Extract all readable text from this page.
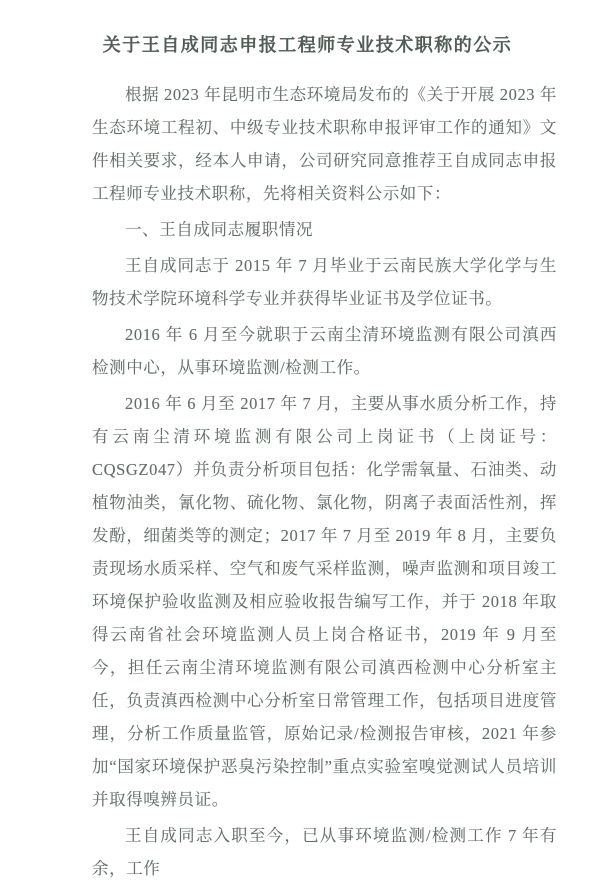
关于王自成同志申报工程师专业技术职称的公示

根据 2023 年昆明市生态环境局发布的《关于开展 2023 年生态环境工程初、中级专业技术职称申报评审工作的通知》文件相关要求，经本人申请，公司研究同意推荐王自成同志申报工程师专业技术职称，先将相关资料公示如下：

一、王自成同志履职情况

王自成同志于 2015 年 7 月毕业于云南民族大学化学与生物技术学院环境科学专业并获得毕业证书及学位证书。

2016 年 6 月至今就职于云南尘清环境监测有限公司滇西检测中心，从事环境监测/检测工作。

2016 年 6 月至 2017 年 7 月，主要从事水质分析工作，持有云南尘清环境监测有限公司上岗证书（上岗证号：CQSGZ047）并负责分析项目包括：化学需氧量、石油类、动植物油类，氰化物、硫化物、氯化物，阴离子表面活性剂，挥发酚，细菌类等的测定；2017 年 7 月至 2019 年 8 月，主要负责现场水质采样、空气和废气采样监测，噪声监测和项目竣工环境保护验收监测及相应验收报告编写工作，并于 2018 年取得云南省社会环境监测人员上岗合格证书，2019 年 9 月至今，担任云南尘清环境监测有限公司滇西检测中心分析室主任，负责滇西检测中心分析室日常管理工作，包括项目进度管理，分析工作质量监管，原始记录/检测报告审核，2021 年参加“国家环境保护恶臭污染控制”重点实验室嗅觉测试人员培训并取得嗅辨员证。

王自成同志入职至今，已从事环境监测/检测工作 7 年有余，工作
